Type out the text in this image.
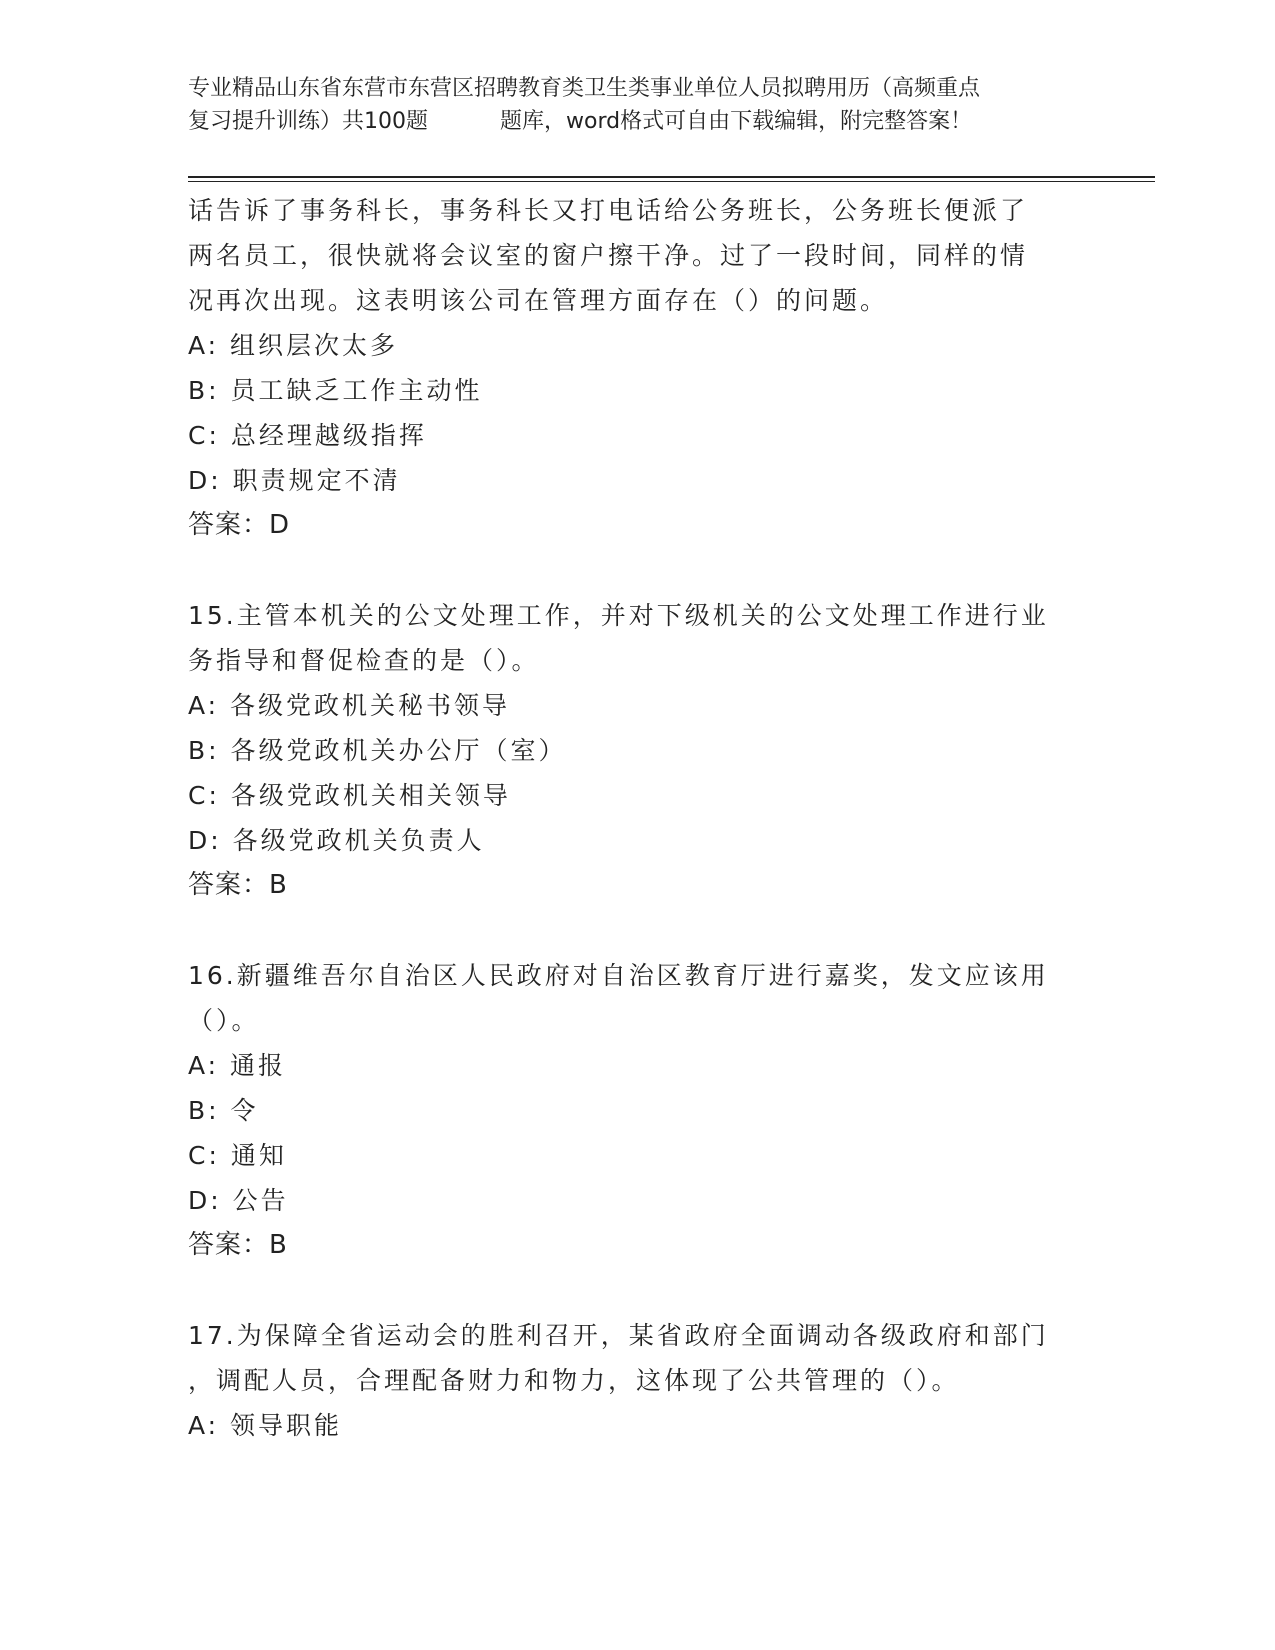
专业精品山东省东营市东营区招聘教育类卫生类事业单位人员拟聘用历（高频重点
复习提升训练）共100题	题库，word格式可自由下载编辑，附完整答案！
话告诉了事务科长，事务科长又打电话给公务班长，公务班长便派了
两名员工，很快就将会议室的窗户擦干净。过了一段时间，同样的情
况再次出现。这表明该公司在管理方面存在（）的问题。
A: 组织层次太多
B: 员工缺乏工作主动性
C: 总经理越级指挥
D: 职责规定不清
答案：D
15.主管本机关的公文处理工作，并对下级机关的公文处理工作进行业
务指导和督促检查的是（）。
A: 各级党政机关秘书领导
B: 各级党政机关办公厅（室）
C: 各级党政机关相关领导
D: 各级党政机关负责人
答案：B
16.新疆维吾尔自治区人民政府对自治区教育厅进行嘉奖，发文应该用
（）。
A: 通报
B: 令
C: 通知
D: 公告
答案：B
17.为保障全省运动会的胜利召开，某省政府全面调动各级政府和部门
，调配人员，合理配备财力和物力，这体现了公共管理的（）。
A: 领导职能
